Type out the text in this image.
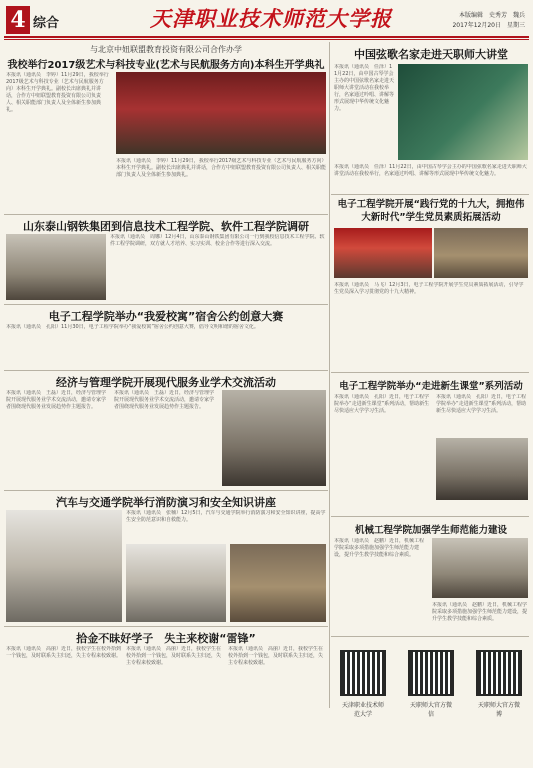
4 综合	天津职业技术师范大学报	本版编辑　史秀芳　魏兵
2017年12月20日　星期三
与北京中妞联盟教育投资有限公司合作办学
我校举行2017级艺术与科技专业(艺术与民航服务方向)本科生开学典礼
本报讯（通讯员　李婷）11月29日，我校举行2017级艺术与科技专业（艺术与民航服务方向）本科生开学典礼。副校长出席典礼并讲话，合作方中妞联盟教育投资有限公司负责人、相关职能部门负责人及全体新生参加典礼。
本报讯（通讯员　李婷）11月29日，我校举行2017级艺术与科技专业（艺术与民航服务方向）本科生开学典礼。副校长出席典礼并讲话，合作方中妞联盟教育投资有限公司负责人、相关职能部门负责人及全体新生参加典礼。
山东泰山钢铁集团到信息技术工程学院、软件工程学院调研
本报讯（通讯员　周娜）12月4日，山东泰山钢铁集团有限公司一行到我校信息技术工程学院、软件工程学院调研，双方就人才培养、实习实训、校企合作等进行深入交流。
电子工程学院举办“我爱校寓”宿舍公约创意大赛
本报讯（通讯员　孔阳）11月30日，电子工程学院举办“我爱校寓”宿舍公约创意大赛，倡导文明和谐的宿舍文化。
经济与管理学院开展现代服务业学术交流活动
本报讯（通讯员　王磊）近日，经济与管理学院开展现代服务业学术交流活动，邀请专家学者围绕现代服务业发展趋势作主题报告。
本报讯（通讯员　王磊）近日，经济与管理学院开展现代服务业学术交流活动，邀请专家学者围绕现代服务业发展趋势作主题报告。
汽车与交通学院举行消防演习和安全知识讲座
本报讯（通讯员　张楠）12月5日，汽车与交通学院举行消防演习和安全知识讲座，提高学生安全防范意识和自救能力。
拾金不昧好学子　失主来校谢“雷锋”
本报讯（通讯员　高丽）近日，我校学生在校外拾到一个钱包，及时联系失主归还，失主专程来校致谢。
本报讯（通讯员　高丽）近日，我校学生在校外拾到一个钱包，及时联系失主归还，失主专程来校致谢。
本报讯（通讯员　高丽）近日，我校学生在校外拾到一个钱包，及时联系失主归还，失主专程来校致谢。
中国弦歌名家走进天职师大讲堂
本报讯（通讯员　任泽）11月22日，由中国古琴学会主办的中国弦歌名家走进天职师大讲堂活动在我校举行，名家通过吟唱、讲解等形式展现中华传统文化魅力。
本报讯（通讯员　任泽）11月22日，由中国古琴学会主办的中国弦歌名家走进天职师大讲堂活动在我校举行，名家通过吟唱、讲解等形式展现中华传统文化魅力。
电子工程学院开展“践行党的十九大，拥抱伟大新时代”学生党员素质拓展活动
本报讯（通讯员　马飞）12月3日，电子工程学院开展学生党员素质拓展活动，引导学生党员深入学习贯彻党的十九大精神。
电子工程学院举办“走进新生课堂”系列活动
本报讯（通讯员　孔阳）近日，电子工程学院举办“走进新生课堂”系列活动，帮助新生尽快适应大学学习生活。
本报讯（通讯员　孔阳）近日，电子工程学院举办“走进新生课堂”系列活动，帮助新生尽快适应大学学习生活。
机械工程学院加强学生师范能力建设
本报讯（通讯员　赵鹏）近日，机械工程学院采取多项措施加强学生师范能力建设，提升学生教学技能和综合素质。
本报讯（通讯员　赵鹏）近日，机械工程学院采取多项措施加强学生师范能力建设，提升学生教学技能和综合素质。
天津职业技术师范大学
天职师大官方微信
天职师大官方微博
